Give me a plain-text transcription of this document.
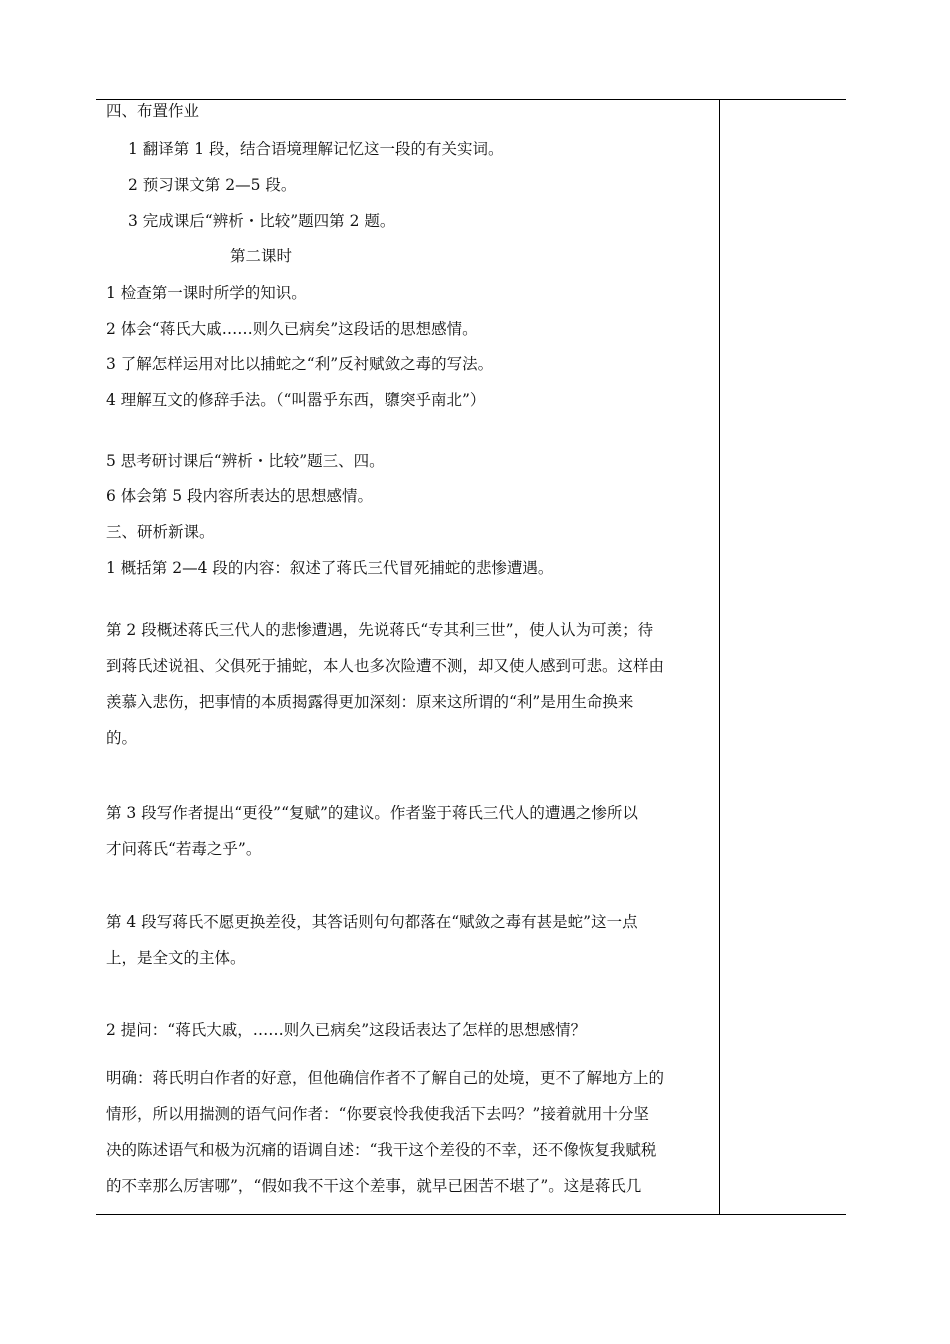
四、布置作业
1 翻译第 1 段，结合语境理解记忆这一段的有关实词。
2 预习课文第 2—5 段。
3 完成课后“辨析・比较”题四第 2 题。
第二课时
1 检查第一课时所学的知识。
2 体会“蒋氏大戚……则久已病矣”这段话的思想感情。
3 了解怎样运用对比以捕蛇之“利”反衬赋敛之毒的写法。
4 理解互文的修辞手法。（“叫嚣乎东西，隳突乎南北”）
5 思考研讨课后“辨析・比较”题三、四。
6 体会第 5 段内容所表达的思想感情。
三、研析新课。
1 概括第 2—4 段的内容：叙述了蒋氏三代冒死捕蛇的悲惨遭遇。
第 2 段概述蒋氏三代人的悲惨遭遇，先说蒋氏“专其利三世”，使人认为可羡；待
到蒋氏述说祖、父俱死于捕蛇，本人也多次险遭不测，却又使人感到可悲。这样由
羡慕入悲伤，把事情的本质揭露得更加深刻：原来这所谓的“利”是用生命换来
的。
第 3 段写作者提出“更役”“复赋”的建议。作者鉴于蒋氏三代人的遭遇之惨所以
才问蒋氏“若毒之乎”。
第 4 段写蒋氏不愿更换差役，其答话则句句都落在“赋敛之毒有甚是蛇”这一点
上，是全文的主体。
2 提问：“蒋氏大戚，……则久已病矣”这段话表达了怎样的思想感情？
明确：蒋氏明白作者的好意，但他确信作者不了解自己的处境，更不了解地方上的
情形，所以用揣测的语气问作者：“你要哀怜我使我活下去吗？”接着就用十分坚
决的陈述语气和极为沉痛的语调自述：“我干这个差役的不幸，还不像恢复我赋税
的不幸那么厉害哪”，“假如我不干这个差事，就早已困苦不堪了”。这是蒋氏几
